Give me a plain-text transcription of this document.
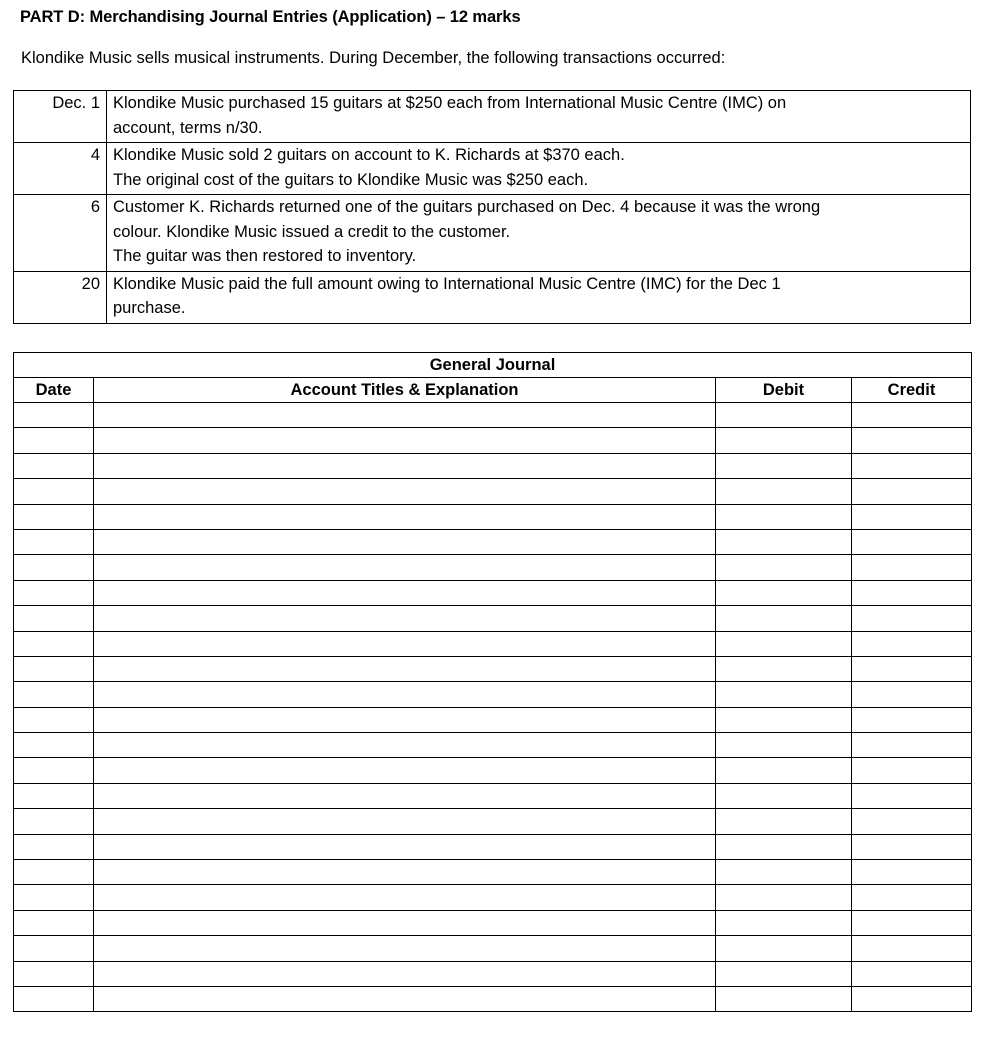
PART D: Merchandising Journal Entries (Application) – 12 marks
Klondike Music sells musical instruments. During December, the following transactions occurred:
Dec. 1	Klondike Music purchased 15 guitars at $250 each from International Music Centre (IMC) on
account, terms n/30.

4	Klondike Music sold 2 guitars on account to K. Richards at $370 each.
The original cost of the guitars to Klondike Music was $250 each.

6	Customer K. Richards returned one of the guitars purchased on Dec. 4 because it was the wrong
colour. Klondike Music issued a credit to the customer.
The guitar was then restored to inventory.

20	Klondike Music paid the full amount owing to International Music Centre (IMC) for the Dec 1
purchase.
General Journal			
Date	Account Titles & Explanation	Debit	Credit
